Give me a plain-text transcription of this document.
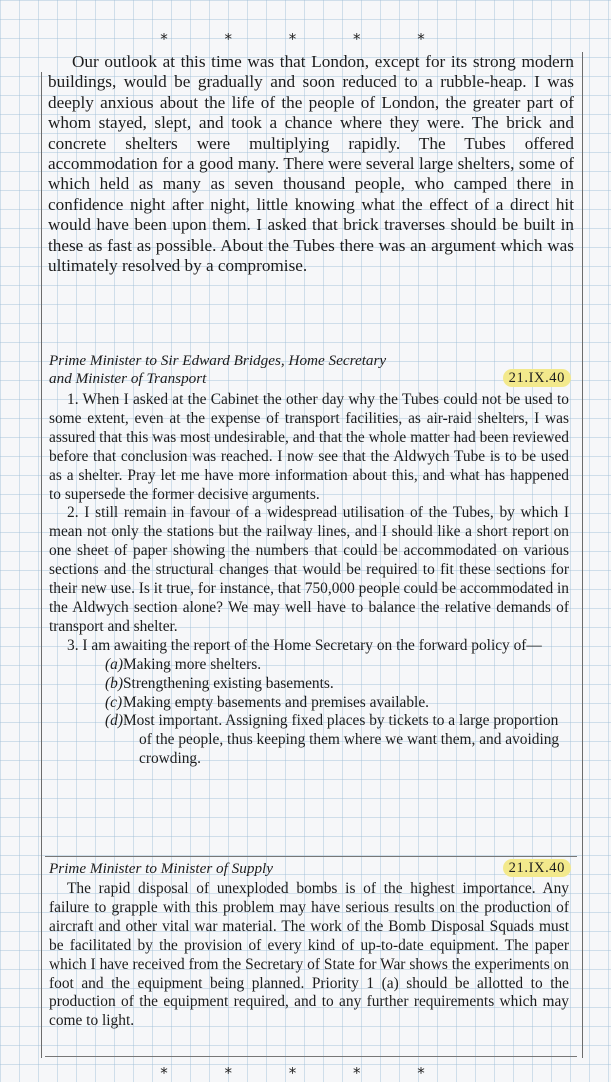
* * * * *

Our outlook at this time was that London, except for its strong modern buildings, would be gradually and soon reduced to a rubble-heap. I was deeply anxious about the life of the people of London, the greater part of whom stayed, slept, and took a chance where they were. The brick and concrete shelters were multiplying rapidly. The Tubes offered accommodation for a good many. There were several large shelters, some of which held as many as seven thousand people, who camped there in confidence night after night, little knowing what the effect of a direct hit would have been upon them. I asked that brick traverses should be built in these as fast as possible. About the Tubes there was an argument which was ultimately resolved by a compromise.

Prime Minister to Sir Edward Bridges, Home Secretary
and Minister of Transport	21.IX.40

1. When I asked at the Cabinet the other day why the Tubes could not be used to some extent, even at the expense of transport facilities, as air-raid shelters, I was assured that this was most undesirable, and that the whole matter had been reviewed before that conclusion was reached. I now see that the Aldwych Tube is to be used as a shelter. Pray let me have more information about this, and what has happened to supersede the former decisive arguments.

2. I still remain in favour of a widespread utilisation of the Tubes, by which I mean not only the stations but the railway lines, and I should like a short report on one sheet of paper showing the numbers that could be accommodated on various sections and the structural changes that would be required to fit these sections for their new use. Is it true, for instance, that 750,000 people could be accommodated in the Aldwych section alone? We may well have to balance the relative demands of transport and shelter.

3. I am awaiting the report of the Home Secretary on the forward policy of—

(a) Making more shelters.
(b) Strengthening existing basements.
(c) Making empty basements and premises available.
(d) Most important. Assigning fixed places by tickets to a large proportion of the people, thus keeping them where we want them, and avoiding crowding.
Prime Minister to Minister of Supply	21.IX.40

The rapid disposal of unexploded bombs is of the highest importance. Any failure to grapple with this problem may have serious results on the production of aircraft and other vital war material. The work of the Bomb Disposal Squads must be facilitated by the provision of every kind of up-to-date equipment. The paper which I have received from the Secretary of State for War shows the experiments on foot and the equipment being planned. Priority 1 (a) should be allotted to the production of the equipment required, and to any further requirements which may come to light.

* * * * *
